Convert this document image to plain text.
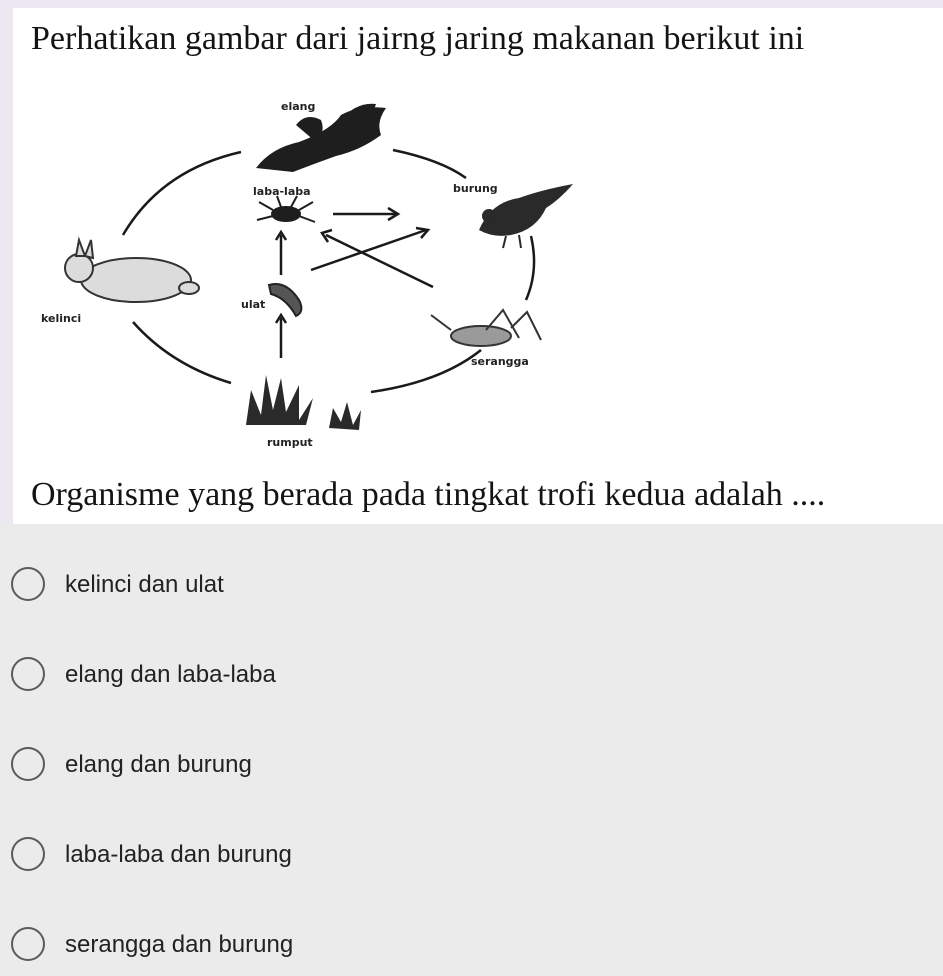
Perhatikan gambar dari jairng jaring makanan berikut ini
elang
laba-laba	burung
kelinci
ulat
serangga
rumput
Organisme yang berada pada tingkat trofi kedua adalah ....
kelinci dan ulat
elang dan laba-laba
elang dan burung
laba-laba dan burung
serangga dan burung
